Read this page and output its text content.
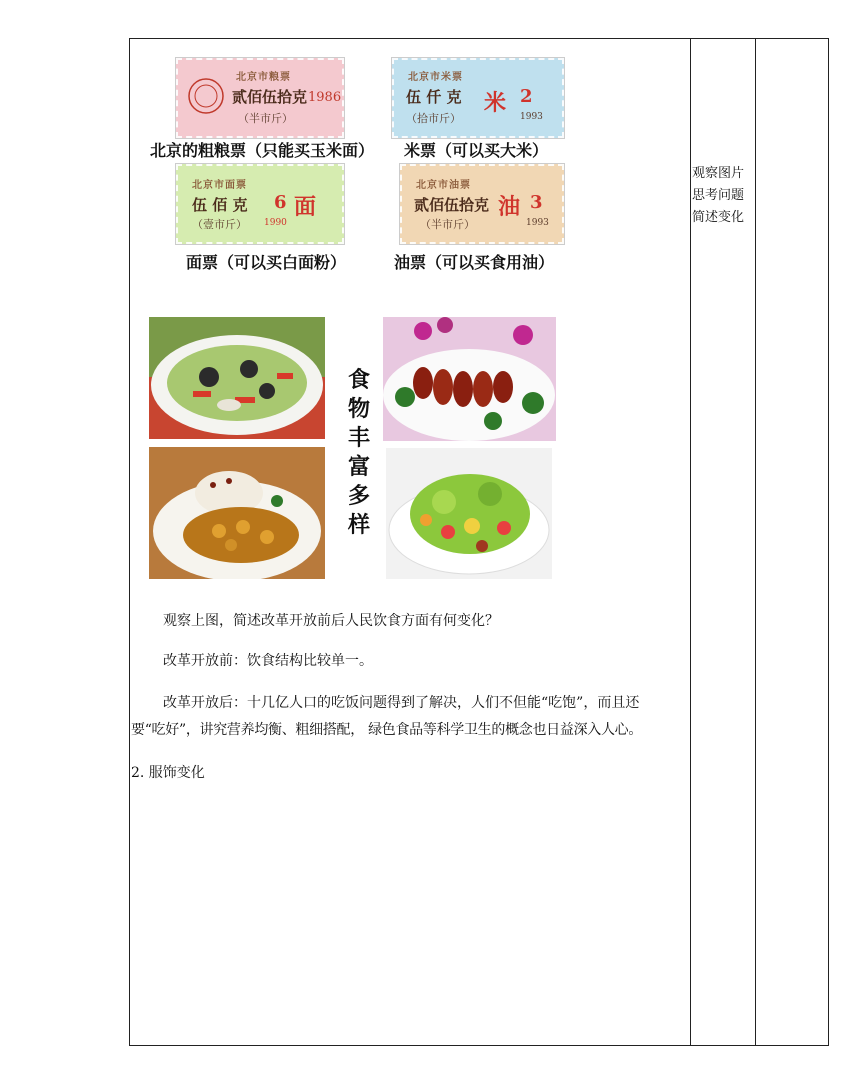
观察图片
思考问题
简述变化
北京市粮票
贰佰伍拾克
（半市斤）
1986
北京的粗粮票（只能买玉米面）
北京市米票
伍 仟 克
（拾市斤）
米 2
1993
米票（可以买大米）
北京市面票
伍 佰 克
（壹市斤）
面
6
1990
面票（可以买白面粉）
北京市油票
贰佰伍拾克
（半市斤）
油 3
1993
油票（可以买食用油）
食
物
丰
富
多
样
观察上图，简述改革开放前后人民饮食方面有何变化？
改革开放前：饮食结构比较单一。
改革开放后：十几亿人口的吃饭问题得到了解决，人们不但能“吃饱”，而且还
要“吃好”，讲究营养均衡、粗细搭配， 绿色食品等科学卫生的概念也日益深入人心。
2. 服饰变化
